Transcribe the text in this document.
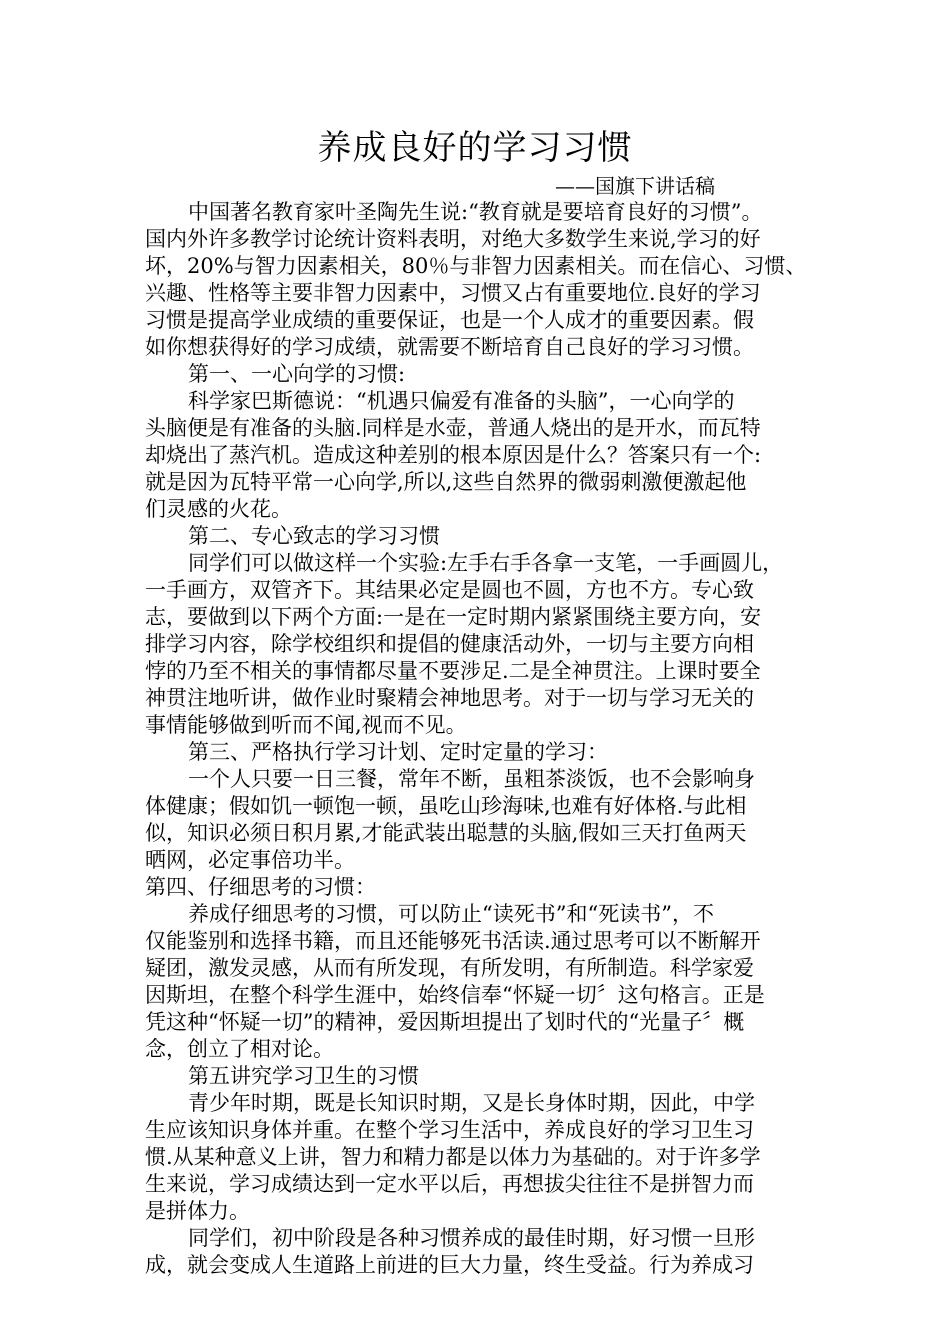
养成良好的学习习惯
——国旗下讲话稿
中国著名教育家叶圣陶先生说:“教育就是要培育良好的习惯”。
国内外许多教学讨论统计资料表明，对绝大多数学生来说,学习的好
坏，20%与智力因素相关，80％与非智力因素相关。而在信心、习惯、
兴趣、性格等主要非智力因素中，习惯又占有重要地位.良好的学习
习惯是提高学业成绩的重要保证，也是一个人成才的重要因素。假
如你想获得好的学习成绩，就需要不断培育自己良好的学习习惯。
第一、一心向学的习惯:
科学家巴斯德说：“机遇只偏爱有准备的头脑”，一心向学的
头脑便是有准备的头脑.同样是水壶，普通人烧出的是开水，而瓦特
却烧出了蒸汽机。造成这种差别的根本原因是什么？答案只有一个:
就是因为瓦特平常一心向学,所以,这些自然界的微弱刺激便激起他
们灵感的火花。
第二、专心致志的学习习惯
同学们可以做这样一个实验:左手右手各拿一支笔，一手画圆儿，
一手画方，双管齐下。其结果必定是圆也不圆，方也不方。专心致
志，要做到以下两个方面:一是在一定时期内紧紧围绕主要方向，安
排学习内容，除学校组织和提倡的健康活动外，一切与主要方向相
悖的乃至不相关的事情都尽量不要涉足.二是全神贯注。上课时要全
神贯注地听讲，做作业时聚精会神地思考。对于一切与学习无关的
事情能够做到听而不闻,视而不见。
第三、严格执行学习计划、定时定量的学习：
一个人只要一日三餐，常年不断，虽粗茶淡饭，也不会影响身
体健康；假如饥一顿饱一顿，虽吃山珍海味,也难有好体格.与此相
似，知识必须日积月累,才能武装出聪慧的头脑,假如三天打鱼两天
晒网，必定事倍功半。
第四、仔细思考的习惯：
养成仔细思考的习惯，可以防止“读死书”和“死读书”，不
仅能鉴别和选择书籍，而且还能够死书活读.通过思考可以不断解开
疑团，激发灵感，从而有所发现，有所发明，有所制造。科学家爱
因斯坦，在整个科学生涯中，始终信奉“怀疑一切〞这句格言。正是
凭这种“怀疑一切”的精神，爱因斯坦提出了划时代的“光量子〞概
念，创立了相对论。
第五讲究学习卫生的习惯
青少年时期，既是长知识时期，又是长身体时期，因此，中学
生应该知识身体并重。在整个学习生活中，养成良好的学习卫生习
惯.从某种意义上讲，智力和精力都是以体力为基础的。对于许多学
生来说，学习成绩达到一定水平以后，再想拔尖往往不是拼智力而
是拼体力。
同学们，初中阶段是各种习惯养成的最佳时期，好习惯一旦形
成，就会变成人生道路上前进的巨大力量，终生受益。行为养成习
